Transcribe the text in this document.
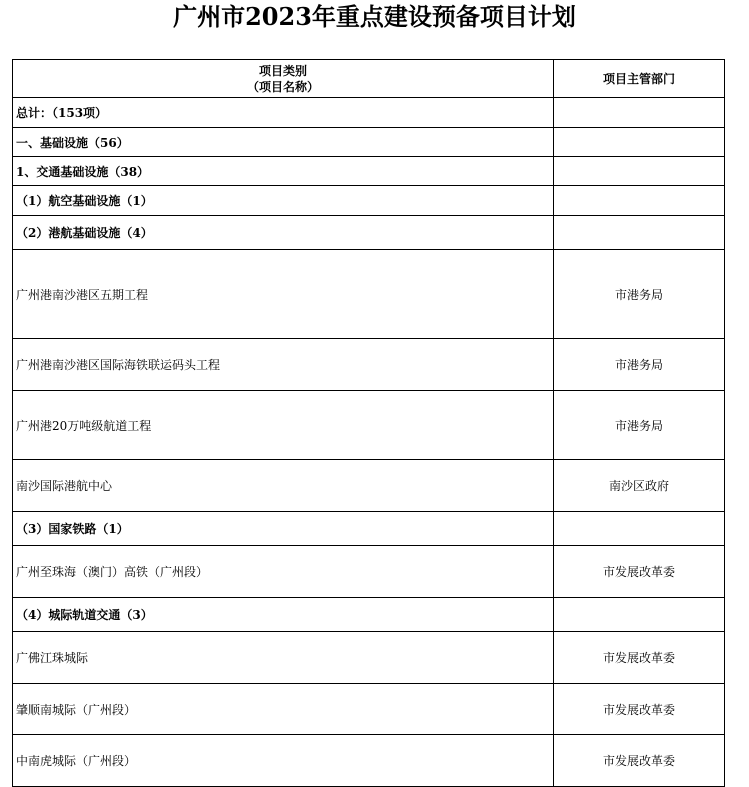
广州市2023年重点建设预备项目计划
项目类别
（项目名称）	项目主管部门
总计：（153项）	
一、基础设施（56）	
1、交通基础设施（38）	
（1）航空基础设施（1）	
（2）港航基础设施（4）	
广州港南沙港区五期工程	市港务局
广州港南沙港区国际海铁联运码头工程	市港务局
广州港20万吨级航道工程	市港务局
南沙国际港航中心	南沙区政府
（3）国家铁路（1）	
广州至珠海（澳门）高铁（广州段）	市发展改革委
（4）城际轨道交通（3）	
广佛江珠城际	市发展改革委
肇顺南城际（广州段）	市发展改革委
中南虎城际（广州段）	市发展改革委
